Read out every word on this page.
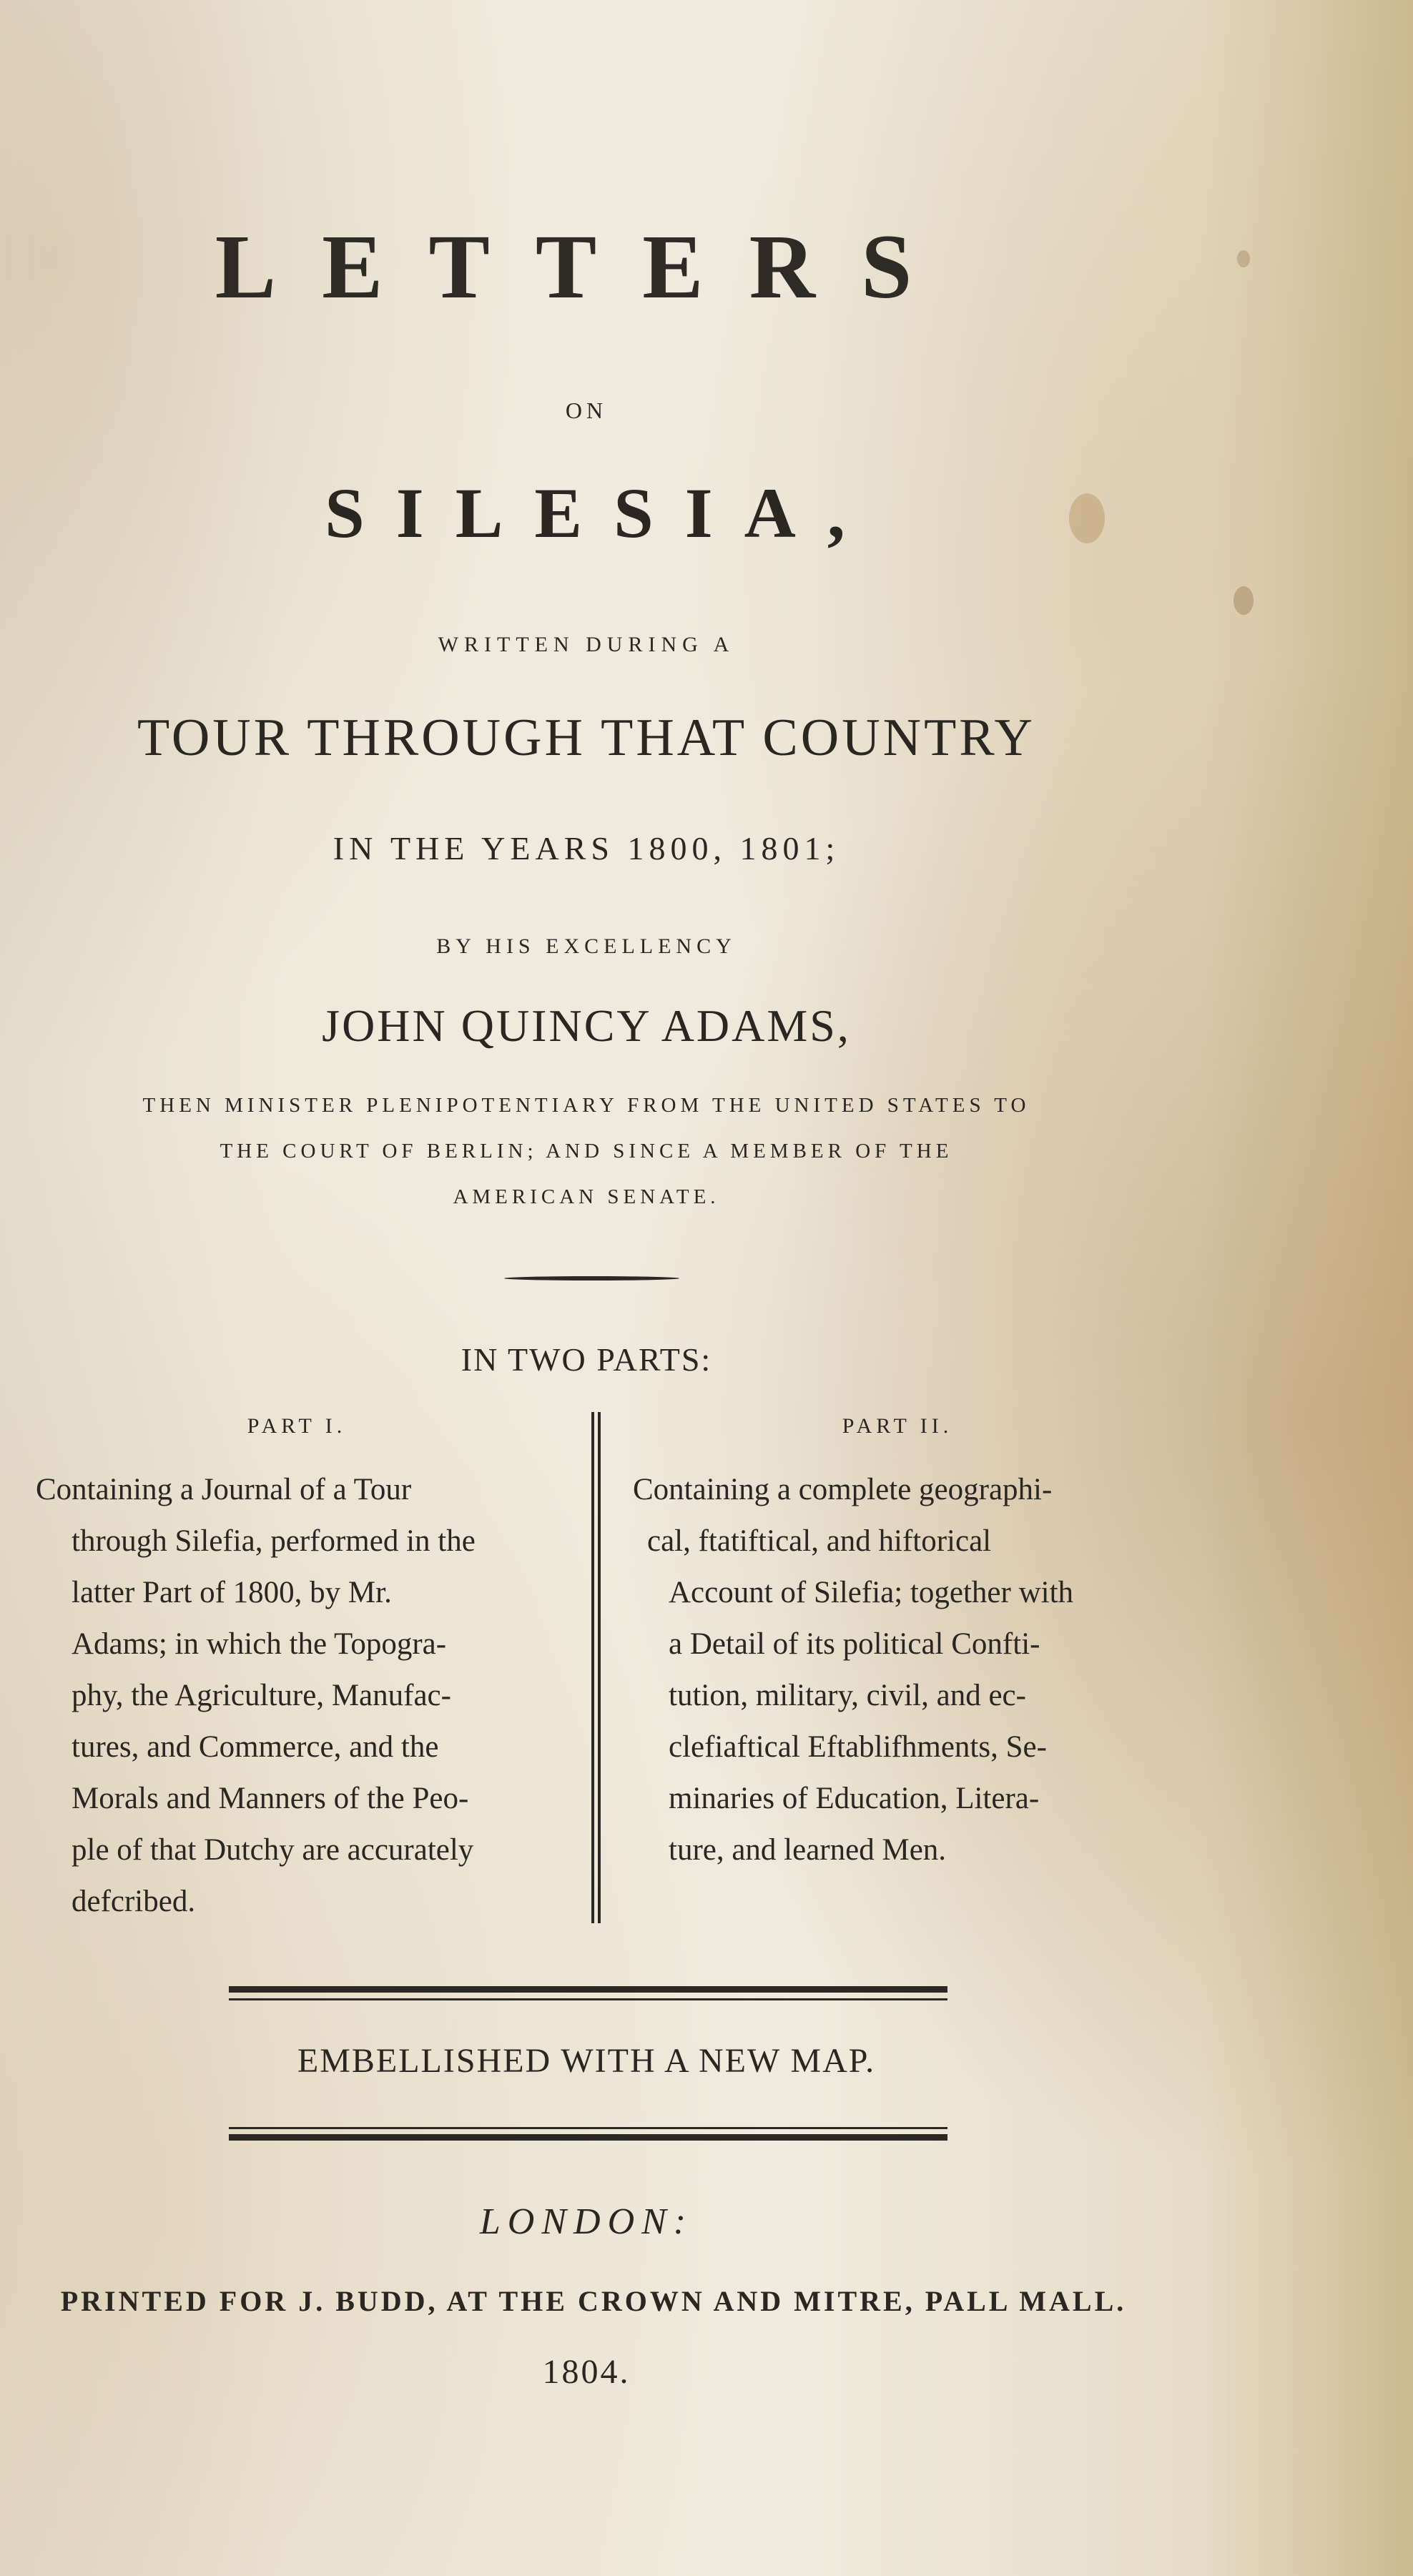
LETTERS
ON
SILESIA,
WRITTEN DURING A
TOUR THROUGH THAT COUNTRY
IN THE YEARS 1800, 1801;
BY HIS EXCELLENCY
JOHN QUINCY ADAMS,
THEN MINISTER PLENIPOTENTIARY FROM THE UNITED STATES TO
THE COURT OF BERLIN; AND SINCE A MEMBER OF THE
AMERICAN SENATE.
IN TWO PARTS:
PART I.

Containing a Journal of a Tour
through Silefia, performed in the
latter Part of 1800, by Mr.
Adams; in which the Topogra-
phy, the Agriculture, Manufac-
tures, and Commerce, and the
Morals and Manners of the Peo-
ple of that Dutchy are accurately
defcribed.

PART II.

Containing a complete geographi-
cal, ftatiftical, and hiftorical
Account of Silefia; together with
a Detail of its political Confti-
tution, military, civil, and ec-
clefiaftical Eftablifhments, Se-
minaries of Education, Litera-
ture, and learned Men.

EMBELLISHED WITH A NEW MAP.
LONDON:
PRINTED FOR J. BUDD, AT THE CROWN AND MITRE, PALL MALL.
1804.
